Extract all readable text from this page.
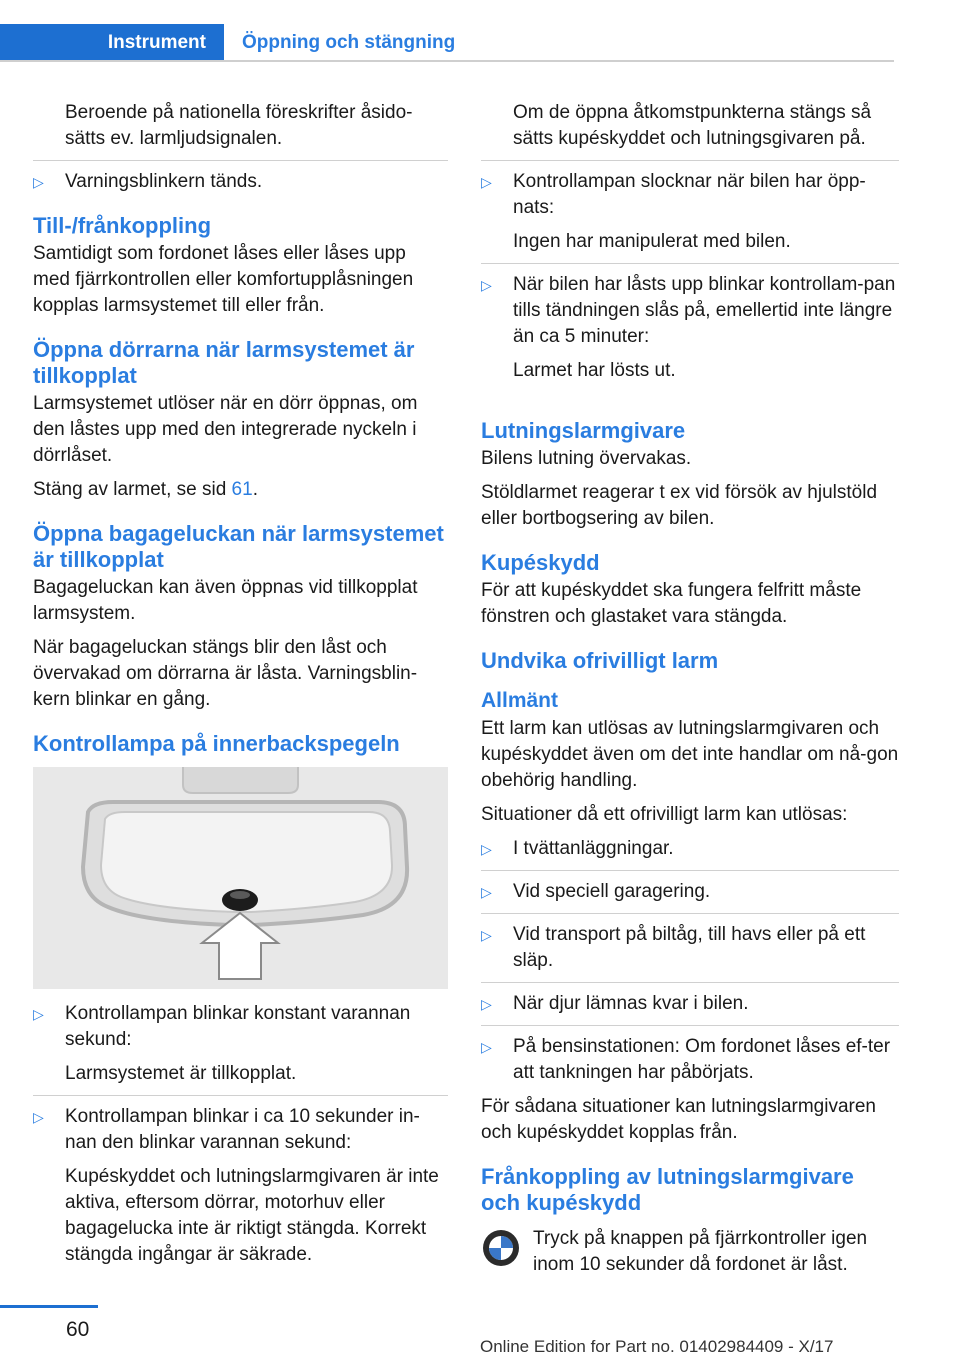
Instrument Öppning och stängning

Beroende på nationella föreskrifter åsido-sätts ev. larmljudsignalen.

▷ Varningsblinkern tänds.
Till-/frånkoppling

Samtidigt som fordonet låses eller låses upp med fjärrkontrollen eller komfortupplåsningen kopplas larmsystemet till eller från.

Öppna dörrarna när larmsystemet är tillkopplat

Larmsystemet utlöser när en dörr öppnas, om den låstes upp med den integrerade nyckeln i dörrlåset.

Stäng av larmet, se sid 61.

Öppna bagageluckan när larmsystemet är tillkopplat

Bagageluckan kan även öppnas vid tillkopplat larmsystem.

När bagageluckan stängs blir den låst och övervakad om dörrarna är låsta. Varningsblin-kern blinkar en gång.

Kontrollampa på innerbackspegeln
▷ Kontrollampan blinkar konstant varannan sekund:

Larmsystemet är tillkopplat.

▷ Kontrollampan blinkar i ca 10 sekunder in-nan den blinkar varannan sekund:

Kupéskyddet och lutningslarmgivaren är inte aktiva, eftersom dörrar, motorhuv eller bagagelucka inte är riktigt stängda. Korrekt stängda ingångar är säkrade.

Om de öppna åtkomstpunkterna stängs så sätts kupéskyddet och lutningsgivaren på.

▷ Kontrollampan slocknar när bilen har öpp-nats:

Ingen har manipulerat med bilen.

▷ När bilen har låsts upp blinkar kontrollam-pan tills tändningen slås på, emellertid inte längre än ca 5 minuter:

Larmet har lösts ut.

Lutningslarmgivare

Bilens lutning övervakas.

Stöldlarmet reagerar t ex vid försök av hjulstöld eller bortbogsering av bilen.

Kupéskydd

För att kupéskyddet ska fungera felfritt måste fönstren och glastaket vara stängda.

Undvika ofrivilligt larm
Allmänt

Ett larm kan utlösas av lutningslarmgivaren och kupéskyddet även om det inte handlar om nå-gon obehörig handling.

Situationer då ett ofrivilligt larm kan utlösas:

▷ I tvättanläggningar.
▷ Vid speciell garagering.
▷ Vid transport på biltåg, till havs eller på ett släp.
▷ När djur lämnas kvar i bilen.
▷ På bensinstationen: Om fordonet låses ef-ter att tankningen har påbörjats.

För sådana situationer kan lutningslarmgivaren och kupéskyddet kopplas från.

Frånkoppling av lutningslarmgivare och kupéskydd
Tryck på knappen på fjärrkontroller igen inom 10 sekunder då fordonet är låst.
60
Online Edition for Part no. 01402984409 - X/17
